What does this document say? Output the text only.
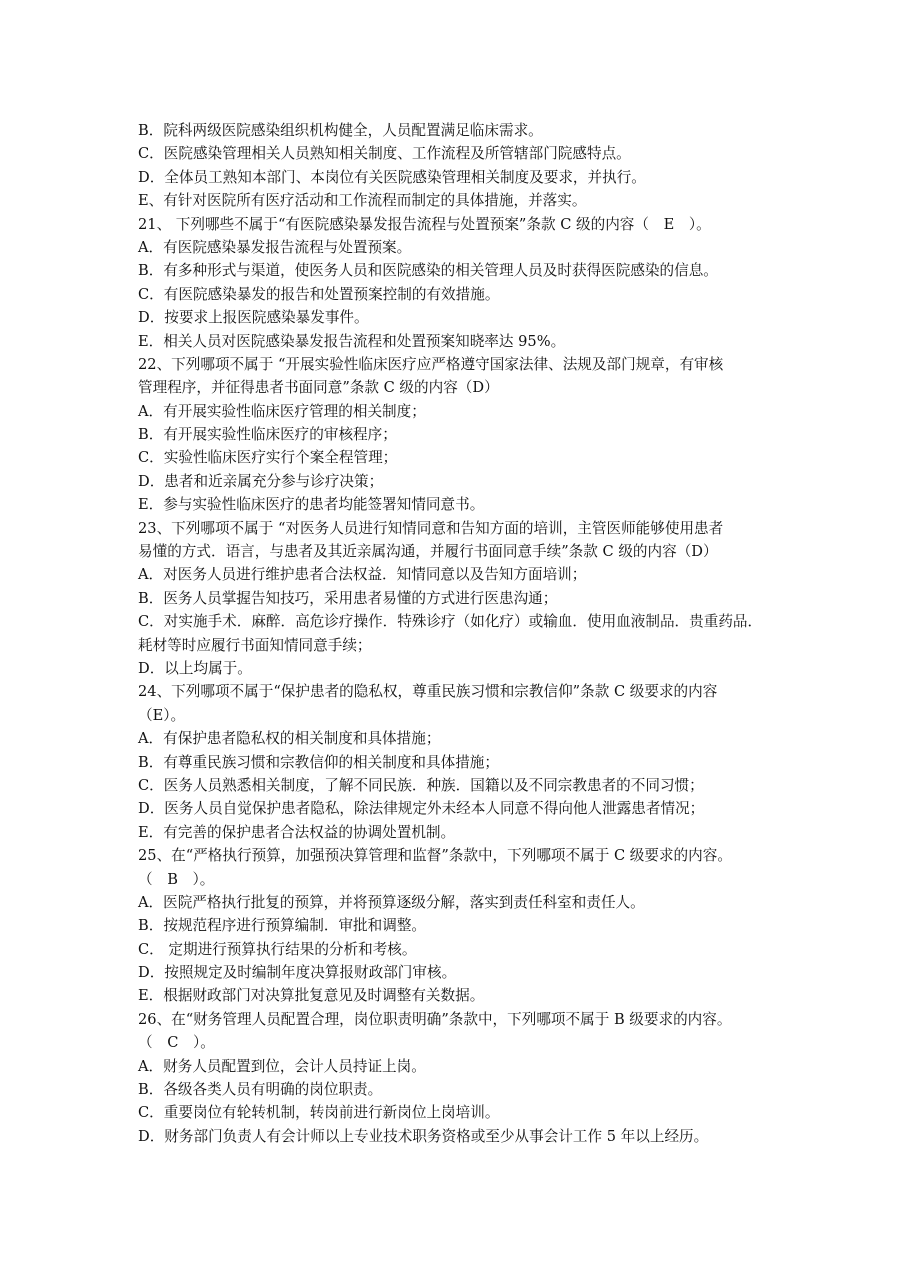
B．院科两级医院感染组织机构健全，人员配置满足临床需求。
C．医院感染管理相关人员熟知相关制度、工作流程及所管辖部门院感特点。
D．全体员工熟知本部门、本岗位有关医院感染管理相关制度及要求，并执行。
E、有针对医院所有医疗活动和工作流程而制定的具体措施，并落实。
21、 下列哪些不属于“有医院感染暴发报告流程与处置预案”条款 C 级的内容（　E　）。
A．有医院感染暴发报告流程与处置预案。
B．有多种形式与渠道，使医务人员和医院感染的相关管理人员及时获得医院感染的信息。
C．有医院感染暴发的报告和处置预案控制的有效措施。
D．按要求上报医院感染暴发事件。
E．相关人员对医院感染暴发报告流程和处置预案知晓率达 95%。
22、下列哪项不属于 “开展实验性临床医疗应严格遵守国家法律、法规及部门规章，有审核
管理程序，并征得患者书面同意”条款 C 级的内容（D）
A．有开展实验性临床医疗管理的相关制度；
B．有开展实验性临床医疗的审核程序；
C．实验性临床医疗实行个案全程管理；
D．患者和近亲属充分参与诊疗决策；
E．参与实验性临床医疗的患者均能签署知情同意书。
23、下列哪项不属于 “对医务人员进行知情同意和告知方面的培训，主管医师能够使用患者
易懂的方式．语言，与患者及其近亲属沟通，并履行书面同意手续”条款 C 级的内容（D）
A．对医务人员进行维护患者合法权益．知情同意以及告知方面培训；
B．医务人员掌握告知技巧，采用患者易懂的方式进行医患沟通；
C．对实施手术．麻醉．高危诊疗操作．特殊诊疗（如化疗）或输血．使用血液制品．贵重药品．
耗材等时应履行书面知情同意手续；
D．以上均属于。
24、下列哪项不属于“保护患者的隐私权，尊重民族习惯和宗教信仰”条款 C 级要求的内容
（E）。
A．有保护患者隐私权的相关制度和具体措施；
B．有尊重民族习惯和宗教信仰的相关制度和具体措施；
C．医务人员熟悉相关制度，了解不同民族．种族．国籍以及不同宗教患者的不同习惯；
D．医务人员自觉保护患者隐私，除法律规定外未经本人同意不得向他人泄露患者情况；
E．有完善的保护患者合法权益的协调处置机制。
25、在“严格执行预算，加强预决算管理和监督”条款中，下列哪项不属于 C 级要求的内容。
（　B　）。
A．医院严格执行批复的预算，并将预算逐级分解，落实到责任科室和责任人。
B．按规范程序进行预算编制．审批和调整。
C． 定期进行预算执行结果的分析和考核。
D．按照规定及时编制年度决算报财政部门审核。
E．根据财政部门对决算批复意见及时调整有关数据。
26、在“财务管理人员配置合理，岗位职责明确”条款中，下列哪项不属于 B 级要求的内容。
（　C　）。
A．财务人员配置到位，会计人员持证上岗。
B．各级各类人员有明确的岗位职责。
C．重要岗位有轮转机制，转岗前进行新岗位上岗培训。
D．财务部门负责人有会计师以上专业技术职务资格或至少从事会计工作 5 年以上经历。
